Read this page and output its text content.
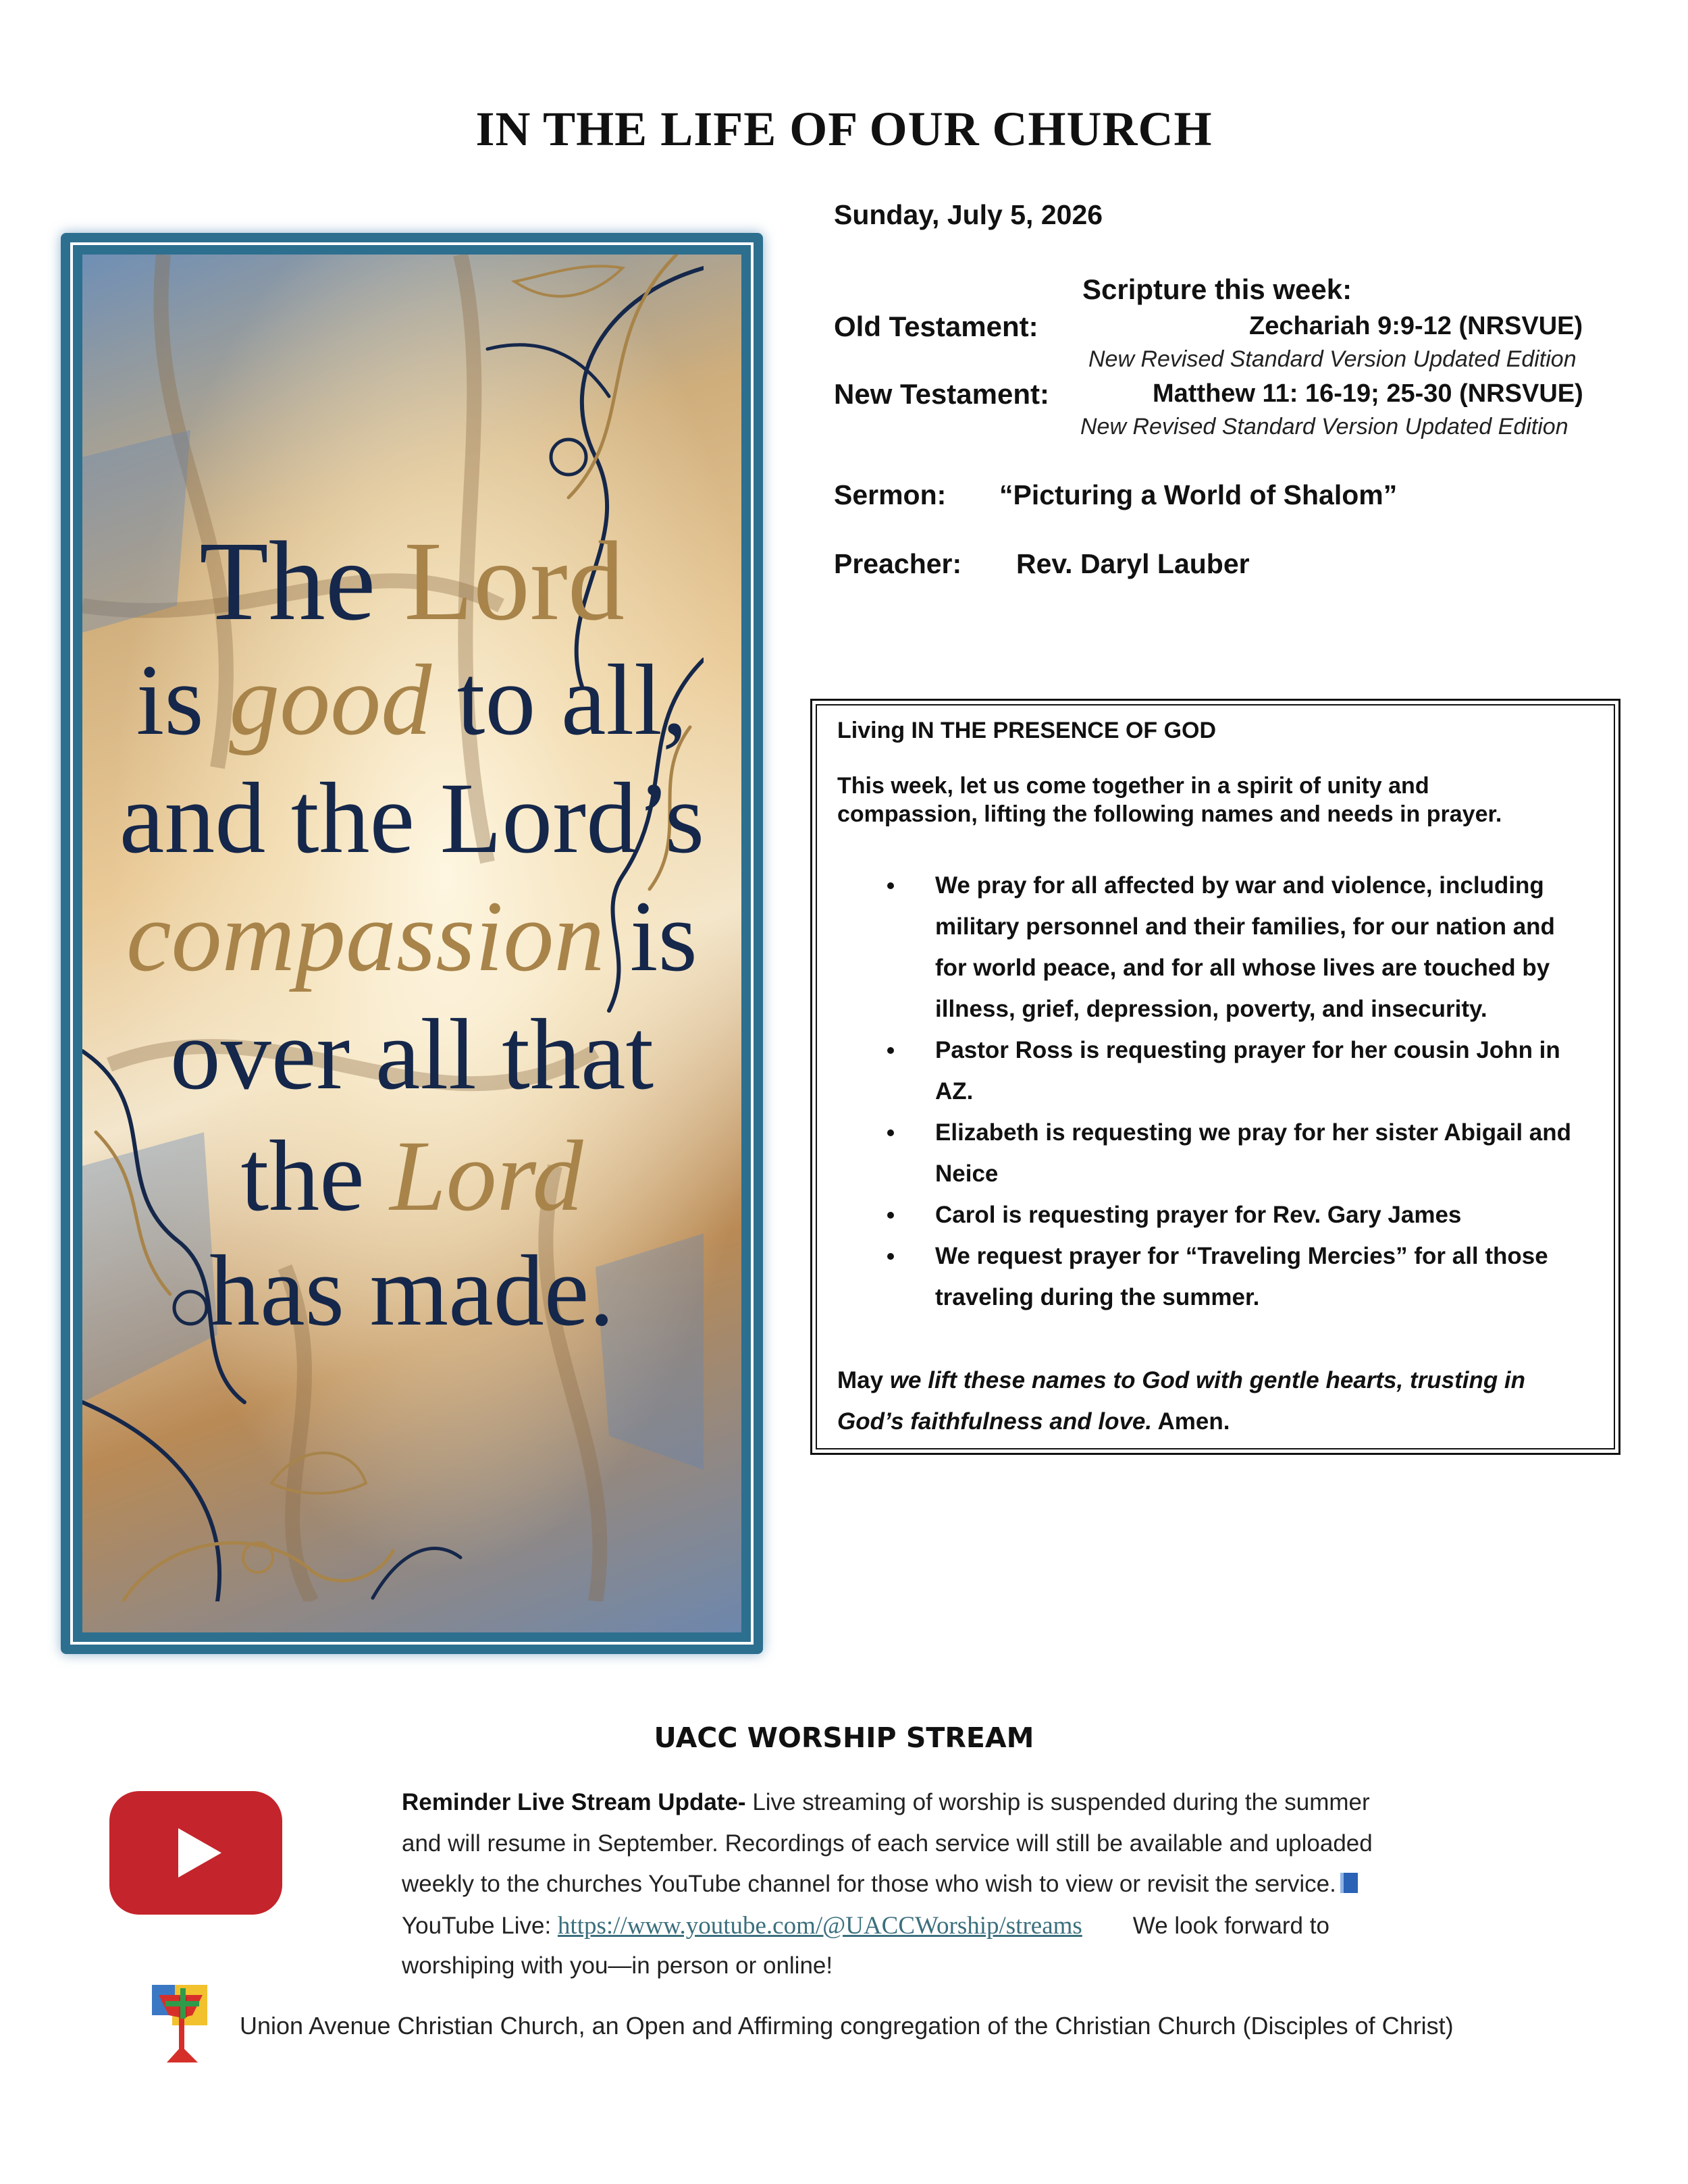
IN THE LIFE OF OUR CHURCH
The Lord
is good to all,
and the Lord’s
compassion is
over all that
the Lord
has made.
Sunday, July 5, 2026
Scripture this week:
Old Testament:	Zechariah 9:9-12 (NRSVUE)
New Revised Standard Version Updated Edition
New Testament:	Matthew 11: 16-19; 25-30 (NRSVUE)
New Revised Standard Version Updated Edition
Sermon: “Picturing a World of Shalom”
Preacher: Rev. Daryl Lauber
Living IN THE PRESENCE OF GOD
This week, let us come together in a spirit of unity and
compassion, lifting the following names and needs in prayer.
We pray for all affected by war and violence, including
military personnel and their families, for our nation and
for world peace, and for all whose lives are touched by
illness, grief, depression, poverty, and insecurity.
Pastor Ross is requesting prayer for her cousin John in
AZ.
Elizabeth is requesting we pray for her sister Abigail and
Neice
Carol is requesting prayer for Rev. Gary James
We request prayer for “Traveling Mercies” for all those
traveling during the summer.
May we lift these names to God with gentle hearts, trusting in
God’s faithfulness and love. Amen.
UACC WORSHIP STREAM
Reminder Live Stream Update- Live streaming of worship is suspended during the summer
and will resume in September. Recordings of each service will still be available and uploaded
weekly to the churches YouTube channel for those who wish to view or revisit the service.
YouTube Live: https://www.youtube.com/@UACCWorship/streams We look forward to
worshiping with you—in person or online!
Union Avenue Christian Church, an Open and Affirming congregation of the Christian Church (Disciples of Christ)
